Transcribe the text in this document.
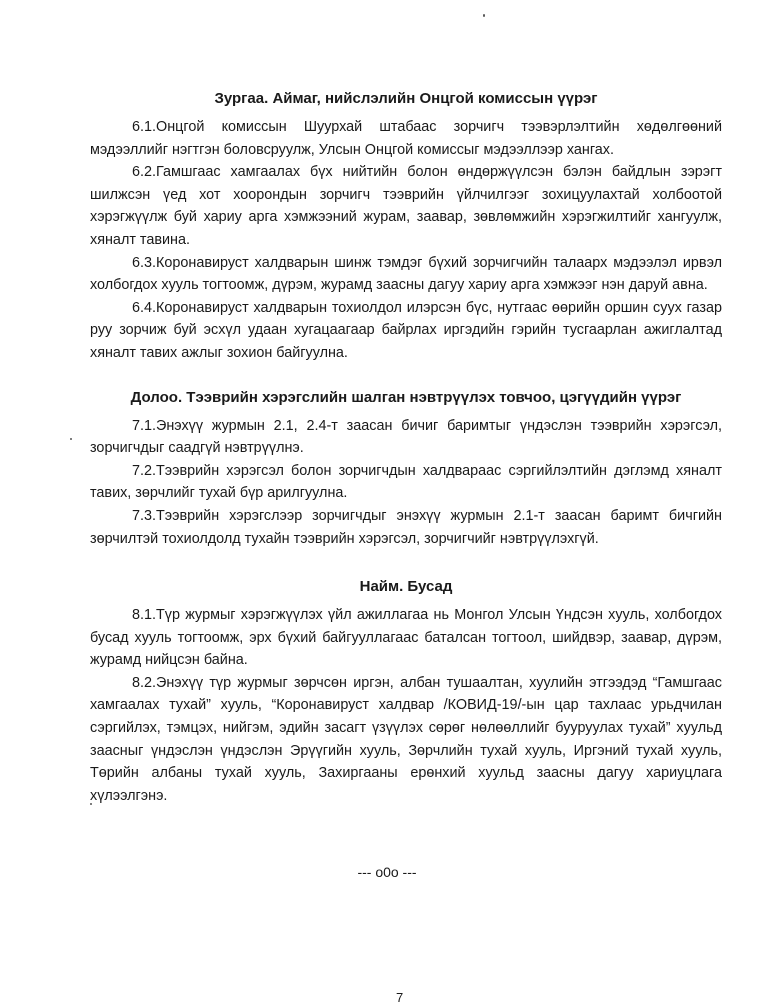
Зургаа. Аймаг, нийслэлийн Онцгой комиссын үүрэг

6.1.Онцгой комиссын Шуурхай штабаас зорчигч тээвэрлэлтийн хөдөлгөөний мэдээллийг нэгтгэн боловсруулж, Улсын Онцгой комиссыг мэдээллээр хангах.

6.2.Гамшгаас хамгаалах бүх нийтийн болон өндөржүүлсэн бэлэн байдлын зэрэгт шилжсэн үед хот хоорондын зорчигч тээврийн үйлчилгээг зохицуулахтай холбоотой хэрэгжүүлж буй хариу арга хэмжээний журам, заавар, зөвлөмжийн хэрэгжилтийг хангуулж, хяналт тавина.

6.3.Коронавируст халдварын шинж тэмдэг бүхий зорчигчийн талаарх мэдээлэл ирвэл холбогдох хууль тогтоомж, дүрэм, журамд заасны дагуу хариу арга хэмжээг нэн даруй авна.

6.4.Коронавируст халдварын тохиолдол илэрсэн бүс, нутгаас өөрийн оршин суух газар руу зорчиж буй эсхүл удаан хугацаагаар байрлах иргэдийн гэрийн тусгаарлан ажиглалтад хяналт тавих ажлыг зохион байгуулна.

Долоо. Тээврийн хэрэгслийн шалган нэвтрүүлэх товчоо, цэгүүдийн үүрэг

7.1.Энэхүү журмын 2.1, 2.4-т заасан бичиг баримтыг үндэслэн тээврийн хэрэгсэл, зорчигчдыг саадгүй нэвтрүүлнэ.

7.2.Тээврийн хэрэгсэл болон зорчигчдын халдвараас сэргийлэлтийн дэглэмд хяналт тавих, зөрчлийг тухай бүр арилгуулна.

7.3.Тээврийн хэрэгслээр зорчигчдыг энэхүү журмын 2.1-т заасан баримт бичгийн зөрчилтэй тохиолдолд тухайн тээврийн хэрэгсэл, зорчигчийг нэвтрүүлэхгүй.

Найм. Бусад

8.1.Түр журмыг хэрэгжүүлэх үйл ажиллагаа нь Монгол Улсын Үндсэн хууль, холбогдох бусад хууль тогтоомж, эрх бүхий байгууллагаас баталсан тогтоол, шийдвэр, заавар, дүрэм, журамд нийцсэн байна.

8.2.Энэхүү түр журмыг зөрчсөн иргэн, албан тушаалтан, хуулийн этгээдэд “Гамшгаас хамгаалах тухай” хууль, “Коронавируст халдвар /КОВИД-19/-ын цар тахлаас урьдчилан сэргийлэх, тэмцэх, нийгэм, эдийн засагт үзүүлэх сөрөг нөлөөллийг бууруулах тухай” хуульд заасныг үндэслэн үндэслэн Эрүүгийн хууль, Зөрчлийн тухай хууль, Иргэний тухай хууль, Төрийн албаны тухай хууль, Захиргааны ерөнхий хуульд заасны дагуу хариуцлага хүлээлгэнэ.

--- o0o ---
7
